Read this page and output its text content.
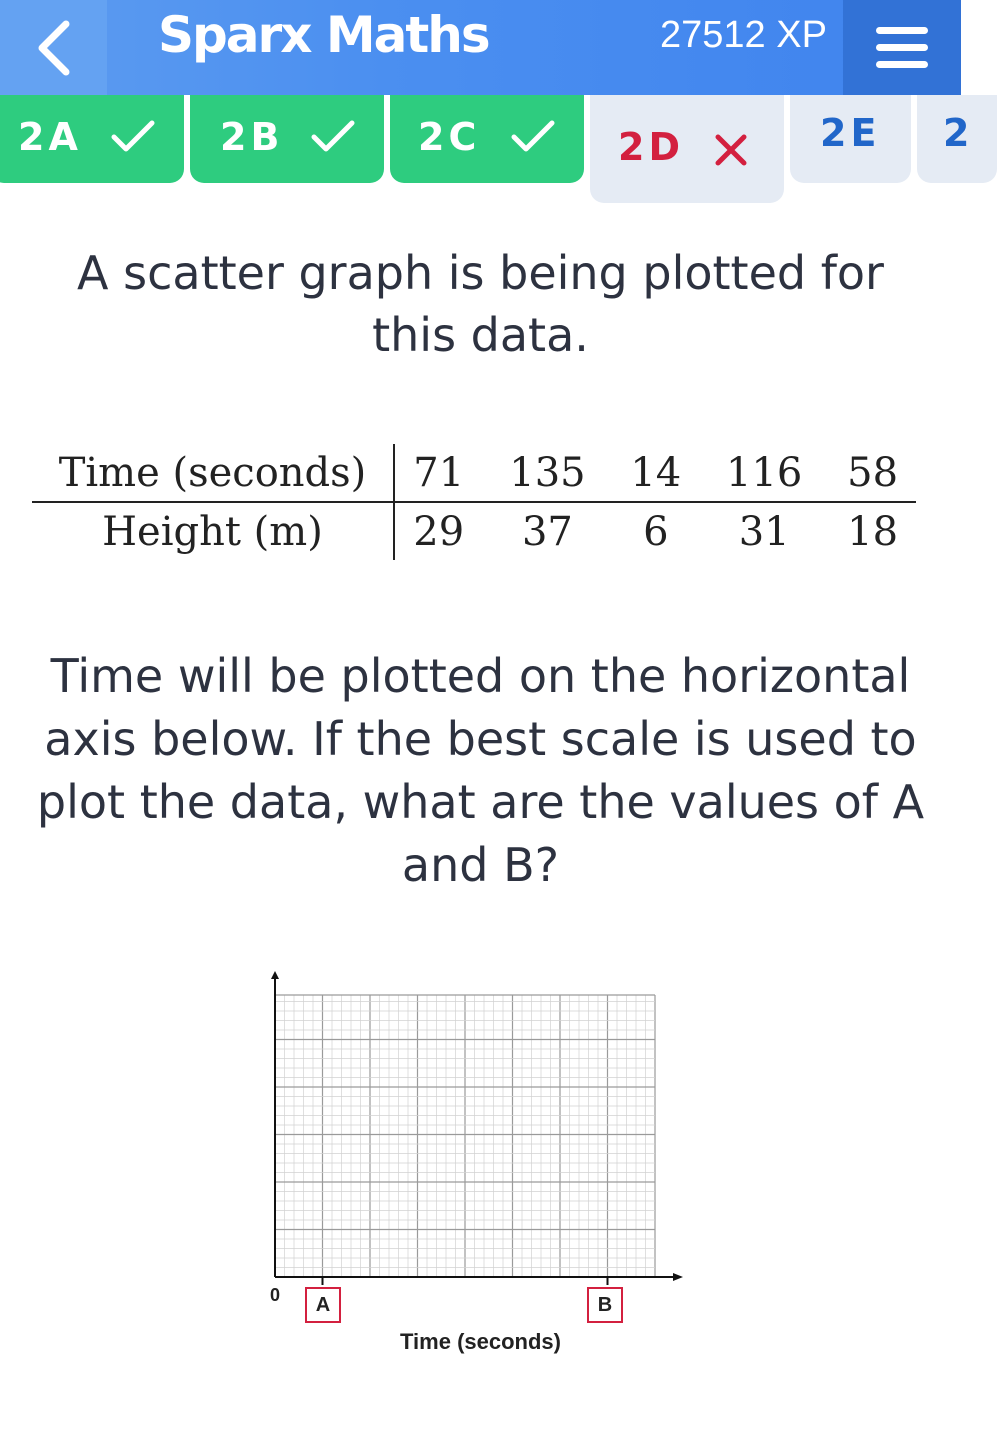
Sparx Maths	27512 XP
2A	2B	2C	2D	2E 2
A scatter graph is being plotted for
this data.
Time (seconds)	71	135	14	116	58
Height (m)	29	37	6	31	18
Time will be plotted on the horizontal
axis below. If the best scale is used to
plot the data, what are the values of A
and B?
0	A	B
Time (seconds)
